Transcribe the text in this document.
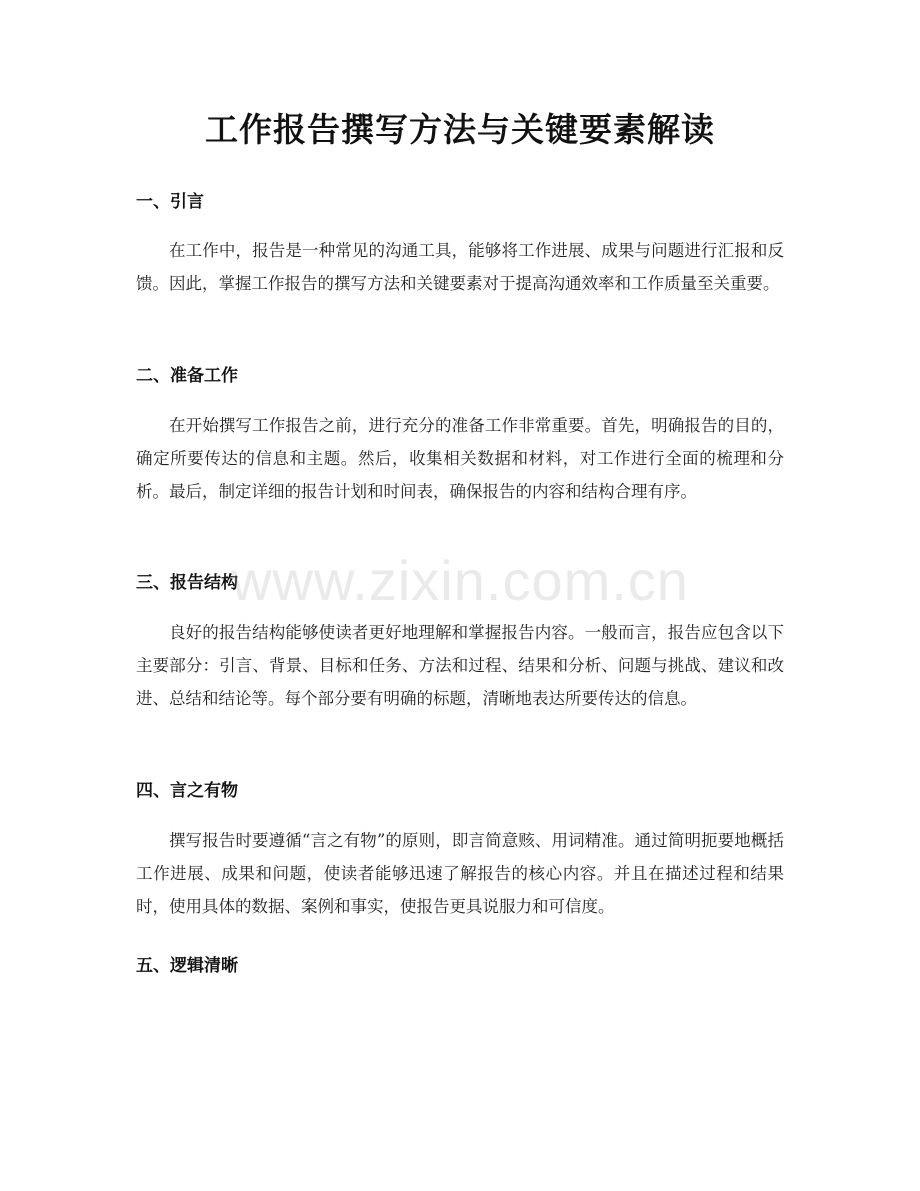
工作报告撰写方法与关键要素解读
一、引言

在工作中，报告是一种常见的沟通工具，能够将工作进展、成果与问题进行汇报和反馈。因此，掌握工作报告的撰写方法和关键要素对于提高沟通效率和工作质量至关重要。

二、准备工作

在开始撰写工作报告之前，进行充分的准备工作非常重要。首先，明确报告的目的，确定所要传达的信息和主题。然后，收集相关数据和材料，对工作进行全面的梳理和分析。最后，制定详细的报告计划和时间表，确保报告的内容和结构合理有序。

三、报告结构

良好的报告结构能够使读者更好地理解和掌握报告内容。一般而言，报告应包含以下主要部分：引言、背景、目标和任务、方法和过程、结果和分析、问题与挑战、建议和改进、总结和结论等。每个部分要有明确的标题，清晰地表达所要传达的信息。

四、言之有物

撰写报告时要遵循“言之有物”的原则，即言简意赅、用词精准。通过简明扼要地概括工作进展、成果和问题，使读者能够迅速了解报告的核心内容。并且在描述过程和结果时，使用具体的数据、案例和事实，使报告更具说服力和可信度。

五、逻辑清晰
www.zixin.com.cn
